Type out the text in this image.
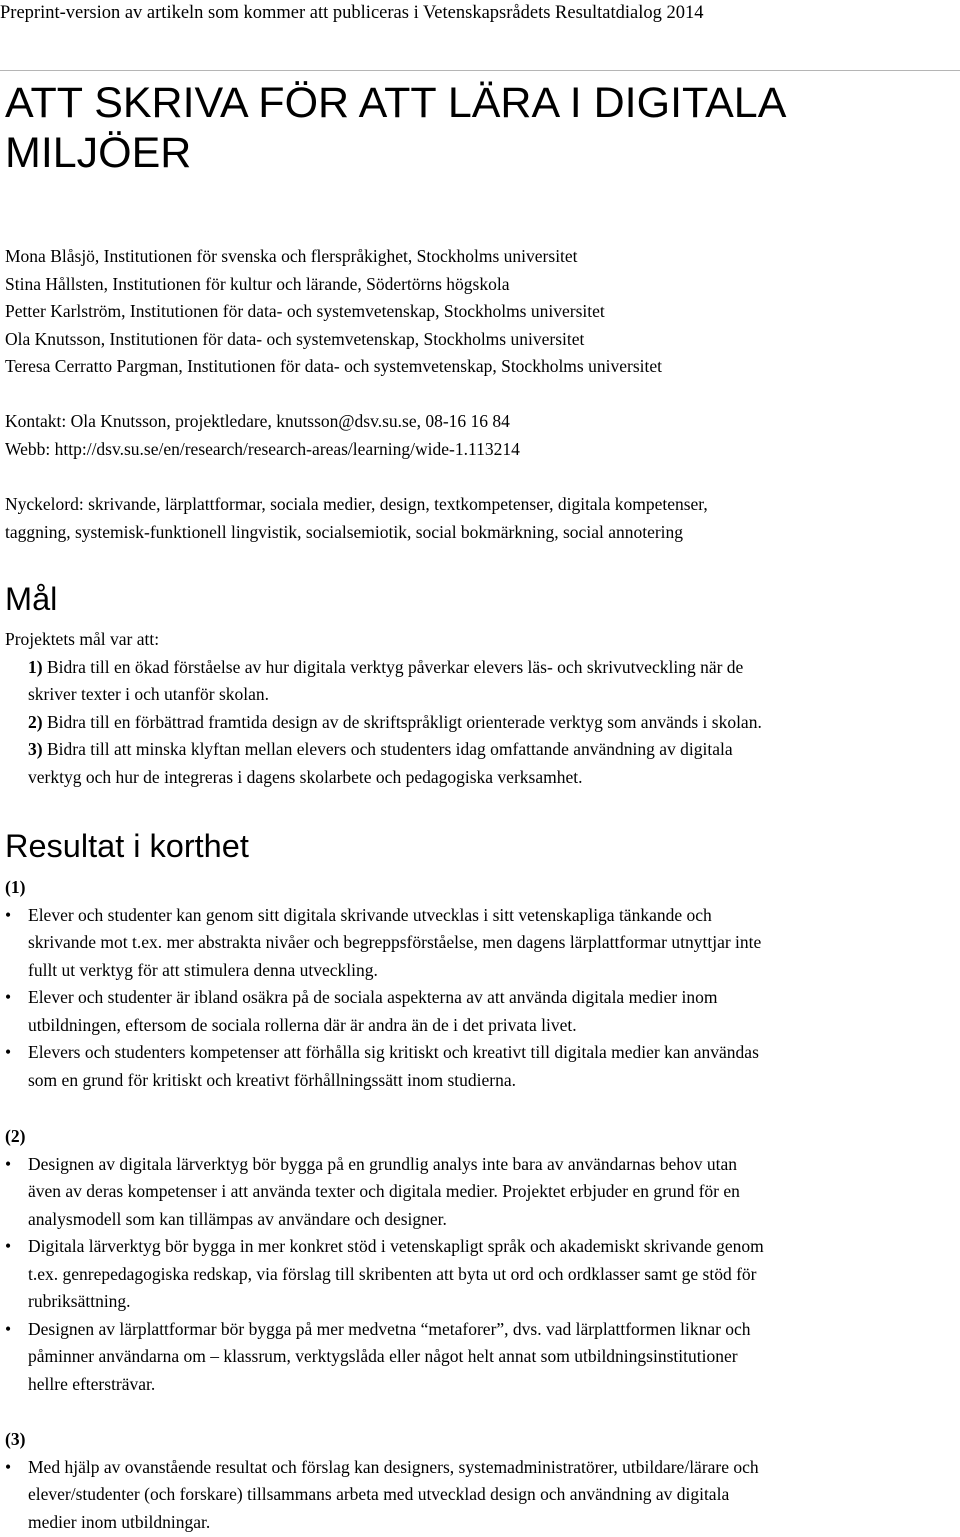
Preprint-version av artikeln som kommer att publiceras i Vetenskapsrådets Resultatdialog 2014
ATT SKRIVA FÖR ATT LÄRA I DIGITALA
MILJÖER

Mona Blåsjö, Institutionen för svenska och flerspråkighet, Stockholms universitet

Stina Hållsten, Institutionen för kultur och lärande, Södertörns högskola

Petter Karlström, Institutionen för data- och systemvetenskap, Stockholms universitet

Ola Knutsson, Institutionen för data- och systemvetenskap, Stockholms universitet

Teresa Cerratto Pargman, Institutionen för data- och systemvetenskap, Stockholms universitet

Kontakt: Ola Knutsson, projektledare, knutsson@dsv.su.se, 08-16 16 84

Webb: http://dsv.su.se/en/research/research-areas/learning/wide-1.113214

Nyckelord: skrivande, lärplattformar, sociala medier, design, textkompetenser, digitala kompetenser,

taggning, systemisk-funktionell lingvistik, socialsemiotik, social bokmärkning, social annotering

Mål

Projektets mål var att:

1) Bidra till en ökad förståelse av hur digitala verktyg påverkar elevers läs- och skrivutveckling när de
skriver texter i och utanför skolan.
2) Bidra till en förbättrad framtida design av de skriftspråkligt orienterade verktyg som används i skolan.
3) Bidra till att minska klyftan mellan elevers och studenters idag omfattande användning av digitala
verktyg och hur de integreras i dagens skolarbete och pedagogiska verksamhet.
Resultat i korthet

(1)

• Elever och studenter kan genom sitt digitala skrivande utvecklas i sitt vetenskapliga tänkande och
skrivande mot t.ex. mer abstrakta nivåer och begreppsförståelse, men dagens lärplattformar utnyttjar inte
fullt ut verktyg för att stimulera denna utveckling.
• Elever och studenter är ibland osäkra på de sociala aspekterna av att använda digitala medier inom
utbildningen, eftersom de sociala rollerna där är andra än de i det privata livet.
• Elevers och studenters kompetenser att förhålla sig kritiskt och kreativt till digitala medier kan användas
som en grund för kritiskt och kreativt förhållningssätt inom studierna.

(2)

• Designen av digitala lärverktyg bör bygga på en grundlig analys inte bara av användarnas behov utan
även av deras kompetenser i att använda texter och digitala medier. Projektet erbjuder en grund för en
analysmodell som kan tillämpas av användare och designer.
• Digitala lärverktyg bör bygga in mer konkret stöd i vetenskapligt språk och akademiskt skrivande genom
t.ex. genrepedagogiska redskap, via förslag till skribenten att byta ut ord och ordklasser samt ge stöd för
rubriksättning.
• Designen av lärplattformar bör bygga på mer medvetna “metaforer”, dvs. vad lärplattformen liknar och
påminner användarna om – klassrum, verktygslåda eller något helt annat som utbildningsinstitutioner
hellre eftersträvar.

(3)

• Med hjälp av ovanstående resultat och förslag kan designers, systemadministratörer, utbildare/lärare och
elever/studenter (och forskare) tillsammans arbeta med utvecklad design och användning av digitala
medier inom utbildningar.
